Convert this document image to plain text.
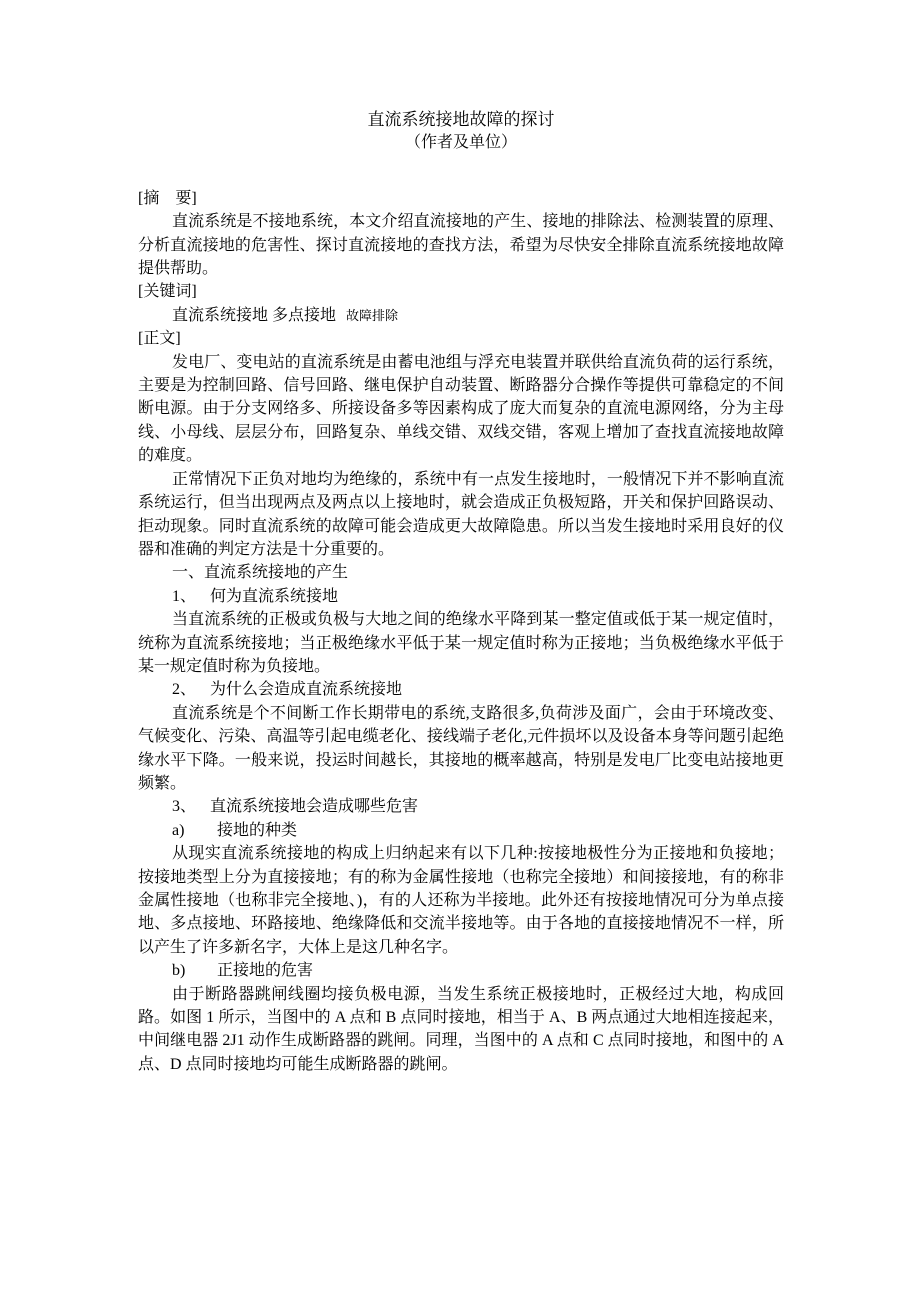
直流系统接地故障的探讨
（作者及单位）
[摘　要]

直流系统是不接地系统，本文介绍直流接地的产生、接地的排除法、检测装置的原理、分析直流接地的危害性、探讨直流接地的查找方法，希望为尽快安全排除直流系统接地故障提供帮助。

[关键词]
直流系统接地 多点接地 故障排除
[正文]

发电厂、变电站的直流系统是由蓄电池组与浮充电装置并联供给直流负荷的运行系统，主要是为控制回路、信号回路、继电保护自动装置、断路器分合操作等提供可靠稳定的不间断电源。由于分支网络多、所接设备多等因素构成了庞大而复杂的直流电源网络，分为主母线、小母线、层层分布，回路复杂、单线交错、双线交错，客观上增加了查找直流接地故障的难度。

正常情况下正负对地均为绝缘的，系统中有一点发生接地时，一般情况下并不影响直流系统运行，但当出现两点及两点以上接地时，就会造成正负极短路，开关和保护回路误动、拒动现象。同时直流系统的故障可能会造成更大故障隐患。所以当发生接地时采用良好的仪器和准确的判定方法是十分重要的。

一、直流系统接地的产生
1、 何为直流系统接地

当直流系统的正极或负极与大地之间的绝缘水平降到某一整定值或低于某一规定值时，统称为直流系统接地；当正极绝缘水平低于某一规定值时称为正接地；当负极绝缘水平低于某一规定值时称为负接地。

2、 为什么会造成直流系统接地

直流系统是个不间断工作长期带电的系统,支路很多,负荷涉及面广，会由于环境改变、气候变化、污染、高温等引起电缆老化、接线端子老化,元件损坏以及设备本身等问题引起绝缘水平下降。一般来说，投运时间越长，其接地的概率越高，特别是发电厂比变电站接地更频繁。

3、 直流系统接地会造成哪些危害
a) 接地的种类

从现实直流系统接地的构成上归纳起来有以下几种:按接地极性分为正接地和负接地；按接地类型上分为直接接地；有的称为金属性接地（也称完全接地）和间接接地，有的称非金属性接地（也称非完全接地、)，有的人还称为半接地。此外还有按接地情况可分为单点接地、多点接地、环路接地、绝缘降低和交流半接地等。由于各地的直接接地情况不一样，所以产生了许多新名字，大体上是这几种名字。

b) 正接地的危害

由于断路器跳闸线圈均接负极电源，当发生系统正极接地时，正极经过大地，构成回路。如图 1 所示，当图中的 A 点和 B 点同时接地，相当于 A、B 两点通过大地相连接起来，中间继电器 2J1 动作生成断路器的跳闸。同理，当图中的 A 点和 C 点同时接地，和图中的 A 点、D 点同时接地均可能生成断路器的跳闸。
